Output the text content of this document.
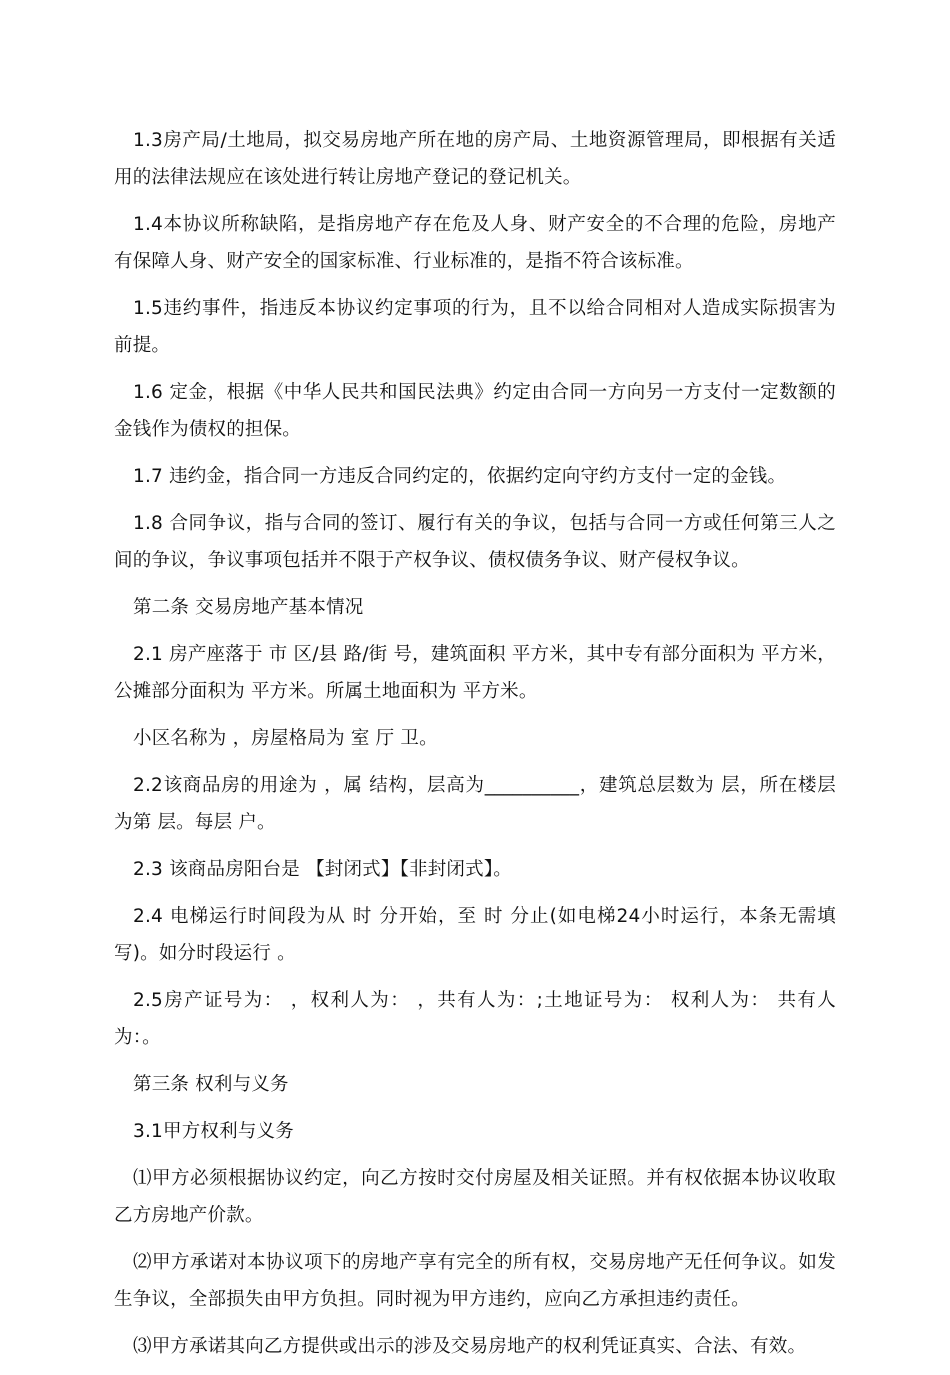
1.3房产局/土地局，拟交易房地产所在地的房产局、土地资源管理局，即根据有关适用的法律法规应在该处进行转让房地产登记的登记机关。

1.4本协议所称缺陷，是指房地产存在危及人身、财产安全的不合理的危险，房地产有保障人身、财产安全的国家标准、行业标准的，是指不符合该标准。

1.5违约事件，指违反本协议约定事项的行为，且不以给合同相对人造成实际损害为前提。

1.6 定金，根据《中华人民共和国民法典》约定由合同一方向另一方支付一定数额的金钱作为债权的担保。

1.7 违约金，指合同一方违反合同约定的，依据约定向守约方支付一定的金钱。

1.8 合同争议，指与合同的签订、履行有关的争议，包括与合同一方或任何第三人之间的争议，争议事项包括并不限于产权争议、债权债务争议、财产侵权争议。

第二条 交易房地产基本情况

2.1 房产座落于 市 区/县 路/街 号，建筑面积 平方米，其中专有部分面积为 平方米，公摊部分面积为 平方米。所属土地面积为 平方米。

小区名称为 ，房屋格局为 室 厅 卫。

2.2该商品房的用途为 ，属 结构，层高为__________，建筑总层数为 层，所在楼层为第 层。每层 户。

2.3 该商品房阳台是 【封闭式】【非封闭式】。

2.4 电梯运行时间段为从 时 分开始，至 时 分止(如电梯24小时运行，本条无需填写)。如分时段运行 。

2.5房产证号为： ，权利人为： ，共有人为：;土地证号为： 权利人为： 共有人为：。

第三条 权利与义务

3.1甲方权利与义务

⑴甲方必须根据协议约定，向乙方按时交付房屋及相关证照。并有权依据本协议收取乙方房地产价款。

⑵甲方承诺对本协议项下的房地产享有完全的所有权，交易房地产无任何争议。如发生争议，全部损失由甲方负担。同时视为甲方违约，应向乙方承担违约责任。

⑶甲方承诺其向乙方提供或出示的涉及交易房地产的权利凭证真实、合法、有效。
